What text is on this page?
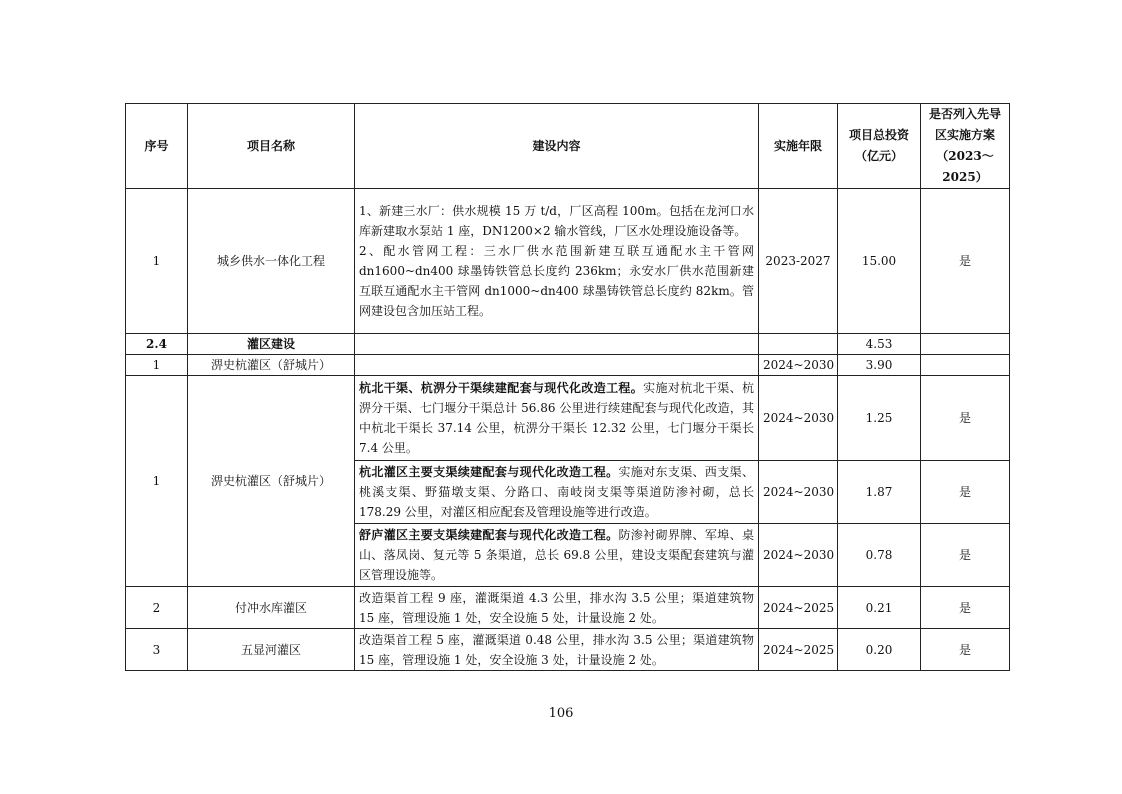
序号	项目名称	建设内容	实施年限	项目总投资（亿元）	是否列入先导区实施方案（2023～2025）
1	城乡供水一体化工程	1、新建三水厂：供水规模 15 万 t/d，厂区高程 100m。包括在龙河口水库新建取水泵站 1 座，DN1200×2 输水管线，厂区水处理设施设备等。
2、配水管网工程：三水厂供水范围新建互联互通配水主干管网 dn1600~dn400 球墨铸铁管总长度约 236km；永安水厂供水范围新建互联互通配水主干管网 dn1000~dn400 球墨铸铁管总长度约 82km。管网建设包含加压站工程。	2023-2027	15.00	是
2.4	灌区建设			4.53	
1	淠史杭灌区（舒城片）		2024~2030	3.90	
1	淠史杭灌区（舒城片）	杭北干渠、杭淠分干渠续建配套与现代化改造工程。实施对杭北干渠、杭淠分干渠、七门堰分干渠总计 56.86 公里进行续建配套与现代化改造，其中杭北干渠长 37.14 公里，杭淠分干渠长 12.32 公里，七门堰分干渠长 7.4 公里。	2024~2030	1.25	是
		杭北灌区主要支渠续建配套与现代化改造工程。实施对东支渠、西支渠、桃溪支渠、野猫墩支渠、分路口、南岐岗支渠等渠道防渗衬砌，总长 178.29 公里，对灌区相应配套及管理设施等进行改造。	2024~2030	1.87	是
		舒庐灌区主要支渠续建配套与现代化改造工程。防渗衬砌界牌、军埠、桌山、落凤岗、复元等 5 条渠道，总长 69.8 公里，建设支渠配套建筑与灌区管理设施等。	2024~2030	0.78	是
2	付冲水库灌区	改造渠首工程 9 座，灌溉渠道 4.3 公里，排水沟 3.5 公里；渠道建筑物 15 座，管理设施 1 处，安全设施 5 处，计量设施 2 处。	2024~2025	0.21	是
3	五显河灌区	改造渠首工程 5 座，灌溉渠道 0.48 公里，排水沟 3.5 公里；渠道建筑物 15 座，管理设施 1 处，安全设施 3 处，计量设施 2 处。	2024~2025	0.20	是
106
